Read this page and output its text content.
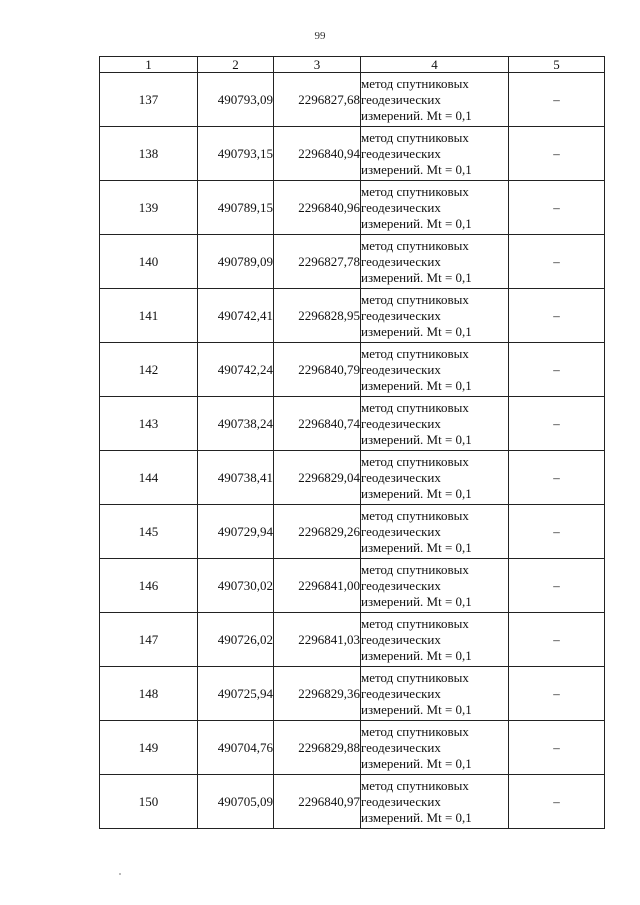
99
1	2	3	4	5
137	490793,09	2296827,68	метод спутниковых
геодезических
измерений. Mt = 0,1	–
138	490793,15	2296840,94	метод спутниковых
геодезических
измерений. Mt = 0,1	–
139	490789,15	2296840,96	метод спутниковых
геодезических
измерений. Mt = 0,1	–
140	490789,09	2296827,78	метод спутниковых
геодезических
измерений. Mt = 0,1	–
141	490742,41	2296828,95	метод спутниковых
геодезических
измерений. Mt = 0,1	–
142	490742,24	2296840,79	метод спутниковых
геодезических
измерений. Mt = 0,1	–
143	490738,24	2296840,74	метод спутниковых
геодезических
измерений. Mt = 0,1	–
144	490738,41	2296829,04	метод спутниковых
геодезических
измерений. Mt = 0,1	–
145	490729,94	2296829,26	метод спутниковых
геодезических
измерений. Mt = 0,1	–
146	490730,02	2296841,00	метод спутниковых
геодезических
измерений. Mt = 0,1	–
147	490726,02	2296841,03	метод спутниковых
геодезических
измерений. Mt = 0,1	–
148	490725,94	2296829,36	метод спутниковых
геодезических
измерений. Mt = 0,1	–
149	490704,76	2296829,88	метод спутниковых
геодезических
измерений. Mt = 0,1	–
150	490705,09	2296840,97	метод спутниковых
геодезических
измерений. Mt = 0,1	–
